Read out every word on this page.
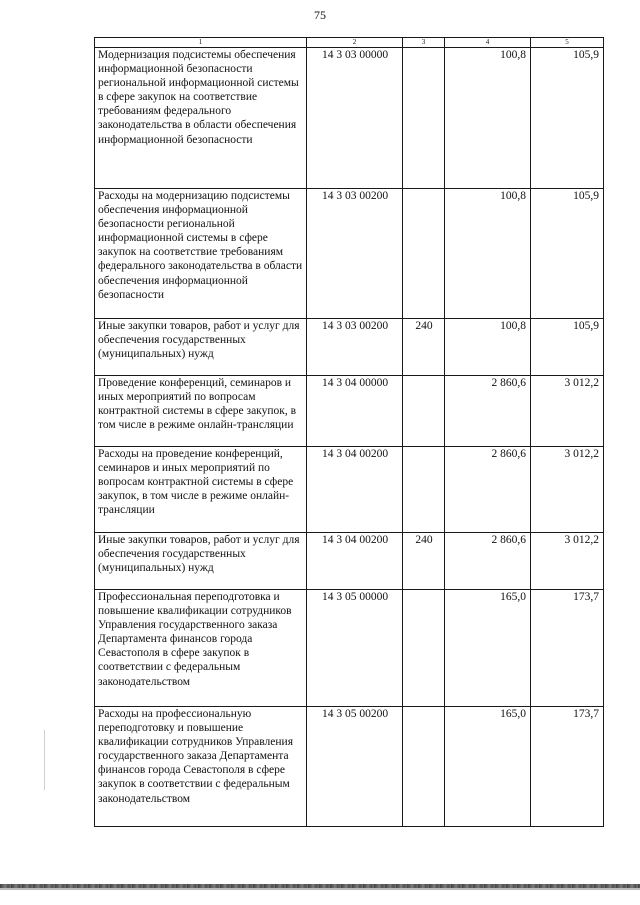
75
1	2	3	4	5
Модернизация подсистемы обеспечения информационной безопасности региональной информационной системы в сфере закупок на соответствие требованиям федерального законодательства в области обеспечения информационной безопасности	14 3 03 00000		100,8	105,9
Расходы на модернизацию подсистемы обеспечения информационной безопасности региональной информационной системы в сфере закупок на соответствие требованиям федерального законодательства в области обеспечения информационной безопасности	14 3 03 00200		100,8	105,9
Иные закупки товаров, работ и услуг для обеспечения государственных (муниципальных) нужд	14 3 03 00200	240	100,8	105,9
Проведение конференций, семинаров и иных мероприятий по вопросам контрактной системы в сфере закупок, в том числе в режиме онлайн-трансляции	14 3 04 00000		2 860,6	3 012,2
Расходы на проведение конференций, семинаров и иных мероприятий по вопросам контрактной системы в сфере закупок, в том числе в режиме онлайн-трансляции	14 3 04 00200		2 860,6	3 012,2
Иные закупки товаров, работ и услуг для обеспечения государственных (муниципальных) нужд	14 3 04 00200	240	2 860,6	3 012,2
Профессиональная переподготовка и повышение квалификации сотрудников Управления государственного заказа Департамента финансов города Севастополя в сфере закупок в соответствии с федеральным законодательством	14 3 05 00000		165,0	173,7
Расходы на профессиональную переподготовку и повышение квалификации сотрудников Управления государственного заказа Департамента финансов города Севастополя в сфере закупок в соответствии с федеральным законодательством	14 3 05 00200		165,0	173,7
